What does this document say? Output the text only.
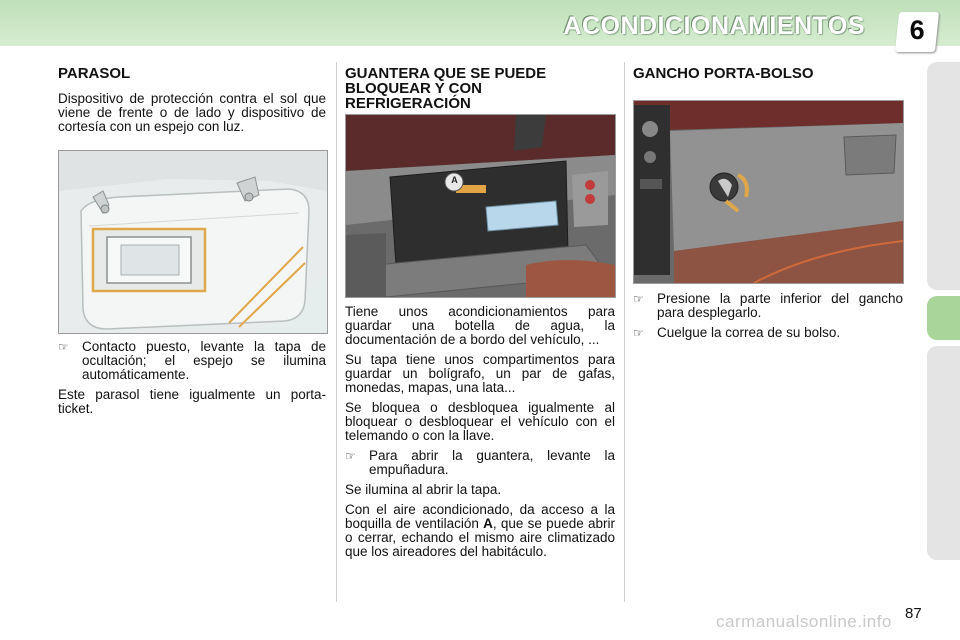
ACONDICIONAMIENTOS	6
PARASOL

Dispositivo de protección contra el sol que viene de frente o de lado y dispositivo de cortesía con un espejo con luz.

☞ Contacto puesto, levante la tapa de ocultación; el espejo se ilumina automáticamente.

Este parasol tiene igualmente un porta-ticket.

GUANTERA QUE SE PUEDE BLOQUEAR Y CON REFRIGERACIÓN
A

Tiene unos acondicionamientos para guardar una botella de agua, la documentación de a bordo del vehículo, ...

Su tapa tiene unos compartimentos para guardar un bolígrafo, un par de gafas, monedas, mapas, una lata...

Se bloquea o desbloquea igualmente al bloquear o desbloquear el vehículo con el telemando o con la llave.

☞ Para abrir la guantera, levante la empuñadura.

Se ilumina al abrir la tapa.

Con el aire acondicionado, da acceso a la boquilla de ventilación A, que se puede abrir o cerrar, echando el mismo aire climatizado que los aireadores del habitáculo.

GANCHO PORTA-BOLSO

☞ Presione la parte inferior del gancho para desplegarlo.

☞ Cuelgue la correa de su bolso.

87
carmanualsonline.info
